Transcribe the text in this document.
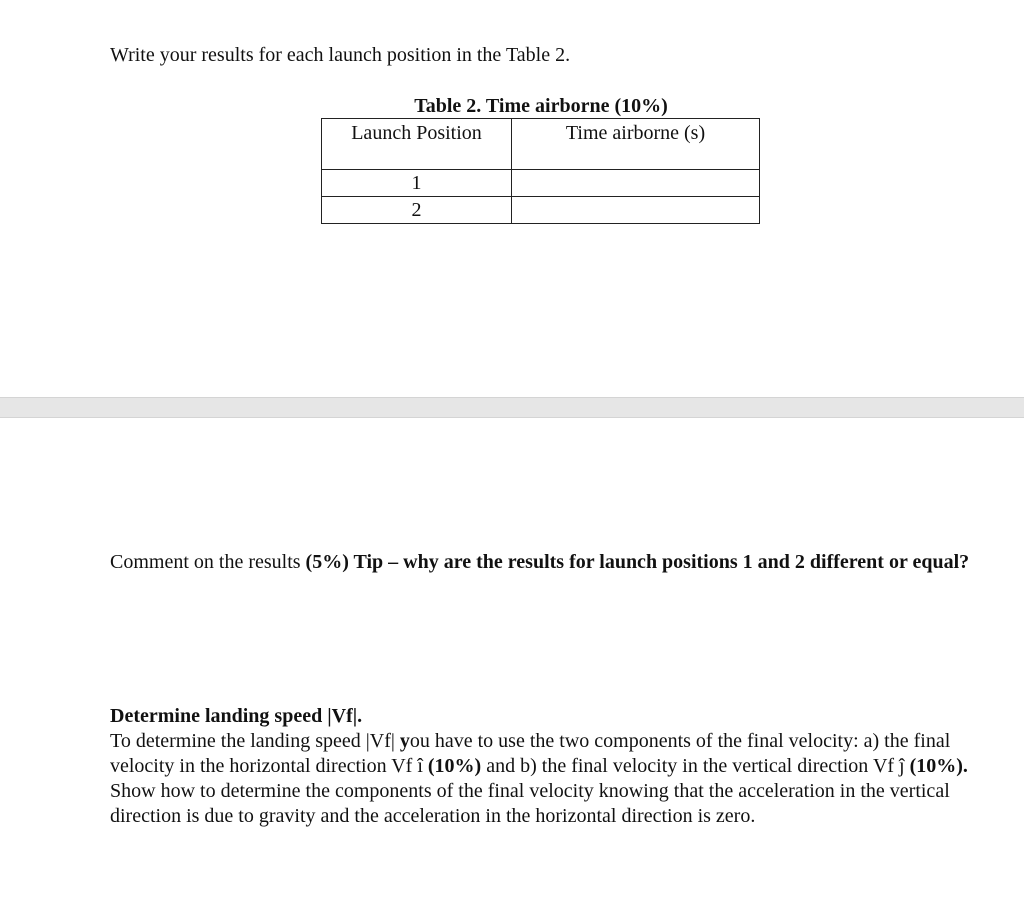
Write your results for each launch position in the Table 2.

Table 2. Time airborne (10%)

Launch Position	Time airborne (s)
1	
2	

Comment on the results (5%) Tip – why are the results for launch positions 1 and 2 different or equal?

Determine landing speed |Vf|.

To determine the landing speed |Vf| you have to use the two components of the final velocity: a) the final velocity in the horizontal direction Vf î (10%) and b) the final velocity in the vertical direction Vf ĵ (10%). Show how to determine the components of the final velocity knowing that the acceleration in the vertical direction is due to gravity and the acceleration in the horizontal direction is zero.
